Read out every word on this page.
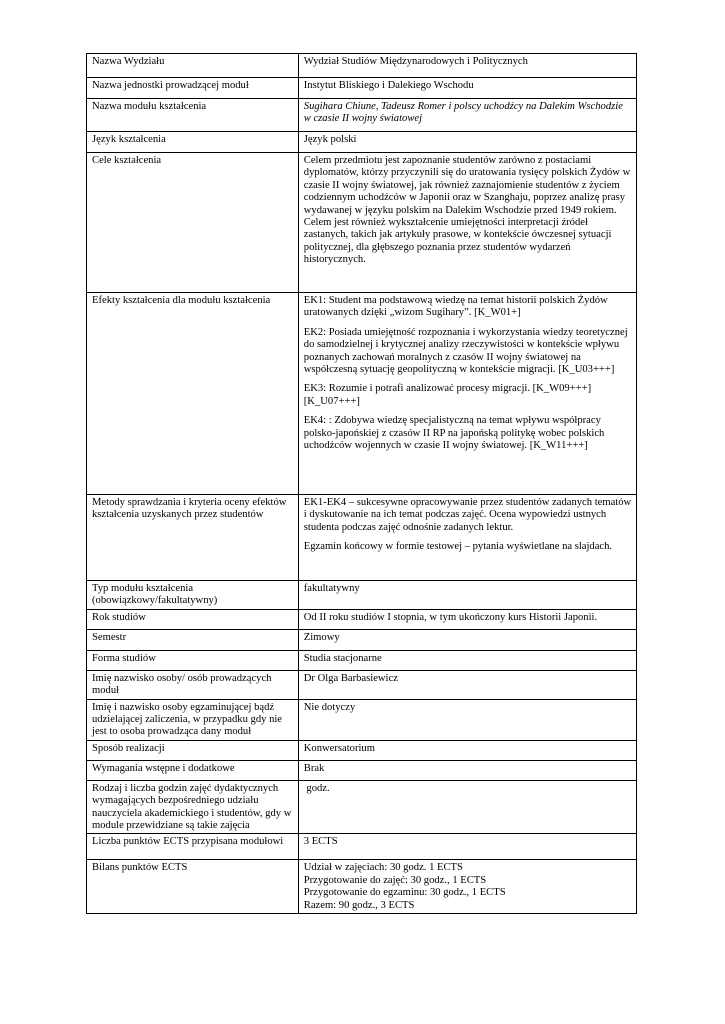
Nazwa Wydziału	Wydział Studiów Międzynarodowych i Politycznych
Nazwa jednostki prowadzącej moduł	Instytut Bliskiego i Dalekiego Wschodu
Nazwa modułu kształcenia	Sugihara Chiune, Tadeusz Romer i polscy uchodźcy na Dalekim Wschodzie w czasie II wojny światowej
Język kształcenia	Język polski
Cele kształcenia	Celem przedmiotu jest zapoznanie studentów zarówno z postaciami dyplomatów, którzy przyczynili się do uratowania tysięcy polskich Żydów w czasie II wojny światowej, jak również zaznajomienie studentów z życiem codziennym uchodźców w Japonii oraz w Szanghaju, poprzez analizę prasy wydawanej w języku polskim na Dalekim Wschodzie przed 1949 rokiem. Celem jest również wykształcenie umiejętności interpretacji źródeł zastanych, takich jak artykuły prasowe, w kontekście ówczesnej sytuacji politycznej, dla głębszego poznania przez studentów wydarzeń historycznych.
Efekty kształcenia dla modułu kształcenia	EK1: Student ma podstawową wiedzę na temat historii polskich Żydów uratowanych dzięki „wizom Sugihary”. [K_W01+]

EK2: Posiada umiejętność rozpoznania i wykorzystania wiedzy teoretycznej do samodzielnej i krytycznej analizy rzeczywistości w kontekście wpływu poznanych zachowań moralnych z czasów II wojny światowej na współczesną sytuację geopolityczną w kontekście migracji. [K_U03+++]

EK3: Rozumie i potrafi analizować procesy migracji. [K_W09+++] [K_U07+++]

EK4: : Zdobywa wiedzę specjalistyczną na temat wpływu współpracy polsko-japońskiej z czasów II RP na japońską politykę wobec polskich uchodźców wojennych w czasie II wojny światowej. [K_W11+++]

Metody sprawdzania i kryteria oceny efektów kształcenia uzyskanych przez studentów	EK1-EK4 – sukcesywne opracowywanie przez studentów zadanych tematów i dyskutowanie na ich temat podczas zajęć. Ocena wypowiedzi ustnych studenta podczas zajęć odnośnie zadanych lektur.

Egzamin końcowy w formie testowej – pytania wyświetlane na slajdach.

Typ modułu kształcenia (obowiązkowy/fakultatywny)	fakultatywny
Rok studiów	Od II roku studiów I stopnia, w tym ukończony kurs Historii Japonii.
Semestr	Zimowy
Forma studiów	Studia stacjonarne
Imię nazwisko osoby/ osób prowadzących moduł	Dr Olga Barbasiewicz
Imię i nazwisko osoby egzaminującej bądź udzielającej zaliczenia, w przypadku gdy nie jest to osoba prowadząca dany moduł	Nie dotyczy
Sposób realizacji	Konwersatorium
Wymagania wstępne i dodatkowe	Brak
Rodzaj i liczba godzin zajęć dydaktycznych wymagających bezpośredniego udziału nauczyciela akademickiego i studentów, gdy w module przewidziane są takie zajęcia	godz.
Liczba punktów ECTS przypisana modułowi	3 ECTS
Bilans punktów ECTS	Udział w zajęciach: 30 godz. 1 ECTS
Przygotowanie do zajęć: 30 godz., 1 ECTS
Przygotowanie do egzaminu: 30 godz., 1 ECTS
Razem: 90 godz., 3 ECTS
